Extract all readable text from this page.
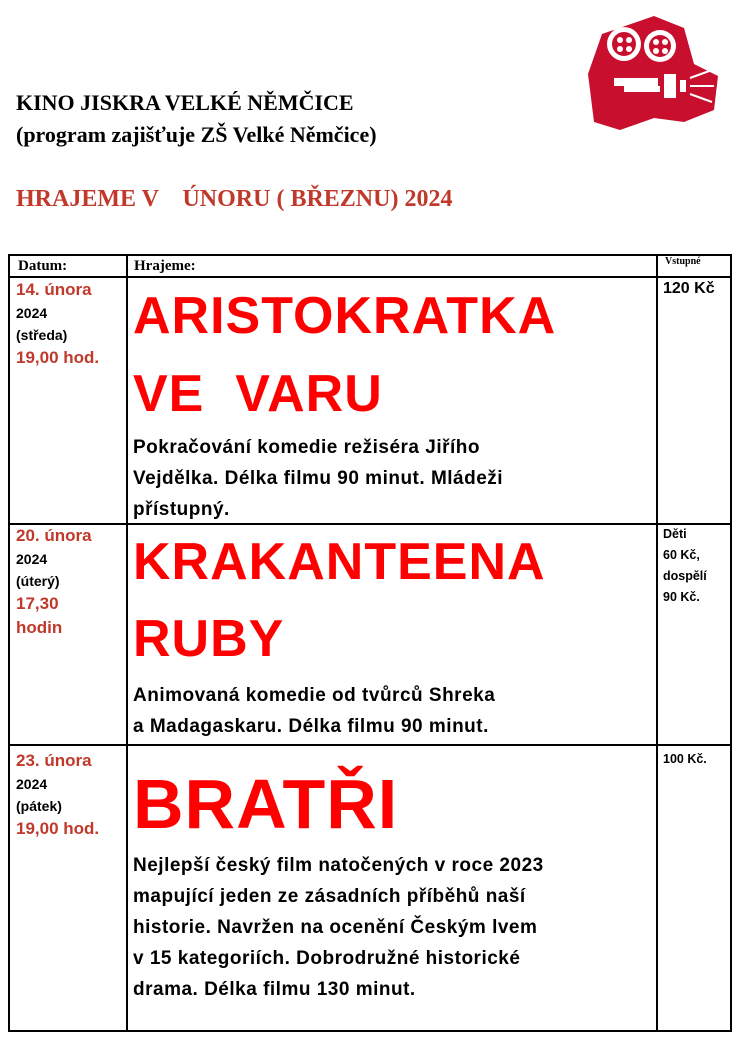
KINO JISKRA VELKÉ NĚMČICE
(program zajišťuje ZŠ Velké Němčice)
HRAJEME V    ÚNORU ( BŘEZNU) 2024
Datum:	Hrajeme:	Vstupné
14. února
2024
(středa)
19,00 hod.
ARISTOKRATKA
VE  VARU
Pokračování komedie režiséra Jiřího
Vejdělka. Délka filmu 90 minut. Mládeži
přístupný.
120 Kč
20. února
2024
(úterý)
17,30
hodin
KRAKANTEENA
RUBY
Animovaná komedie od tvůrců Shreka
a Madagaskaru. Délka filmu 90 minut.
Děti
60 Kč,
dospělí
90 Kč.
23. února
2024
(pátek)
19,00 hod. BRATŘI
Nejlepší český film natočených v roce 2023
mapující jeden ze zásadních příběhů naší
historie. Navržen na ocenění Českým lvem
v 15 kategoriích. Dobrodružné historické
drama. Délka filmu 130 minut.
100 Kč.
